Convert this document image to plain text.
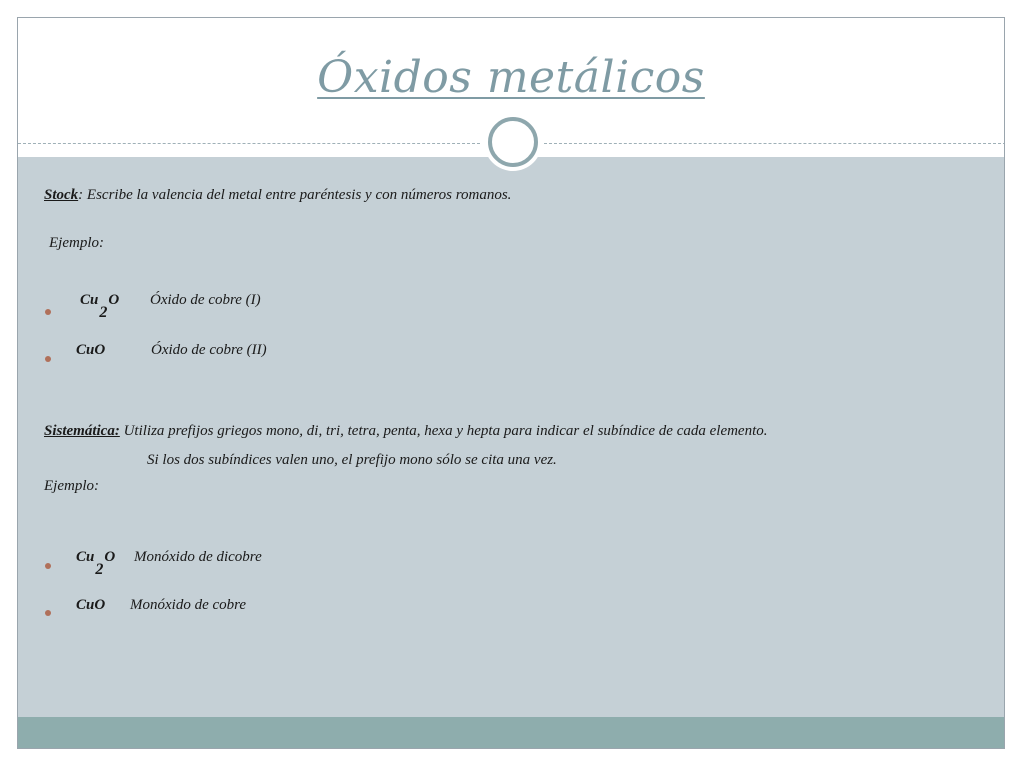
Óxidos metálicos
Stock: Escribe la valencia del metal entre paréntesis y con números romanos.
Ejemplo:
Cu2O Óxido de cobre (I)
CuO	Óxido de cobre (II)
Sistemática: Utiliza prefijos griegos mono, di, tri, tetra, penta, hexa y hepta para indicar el subíndice de cada elemento.
Si los dos subíndices valen uno, el prefijo mono sólo se cita una vez.
Ejemplo:
Cu2O Monóxido de dicobre
CuO Monóxido de cobre
